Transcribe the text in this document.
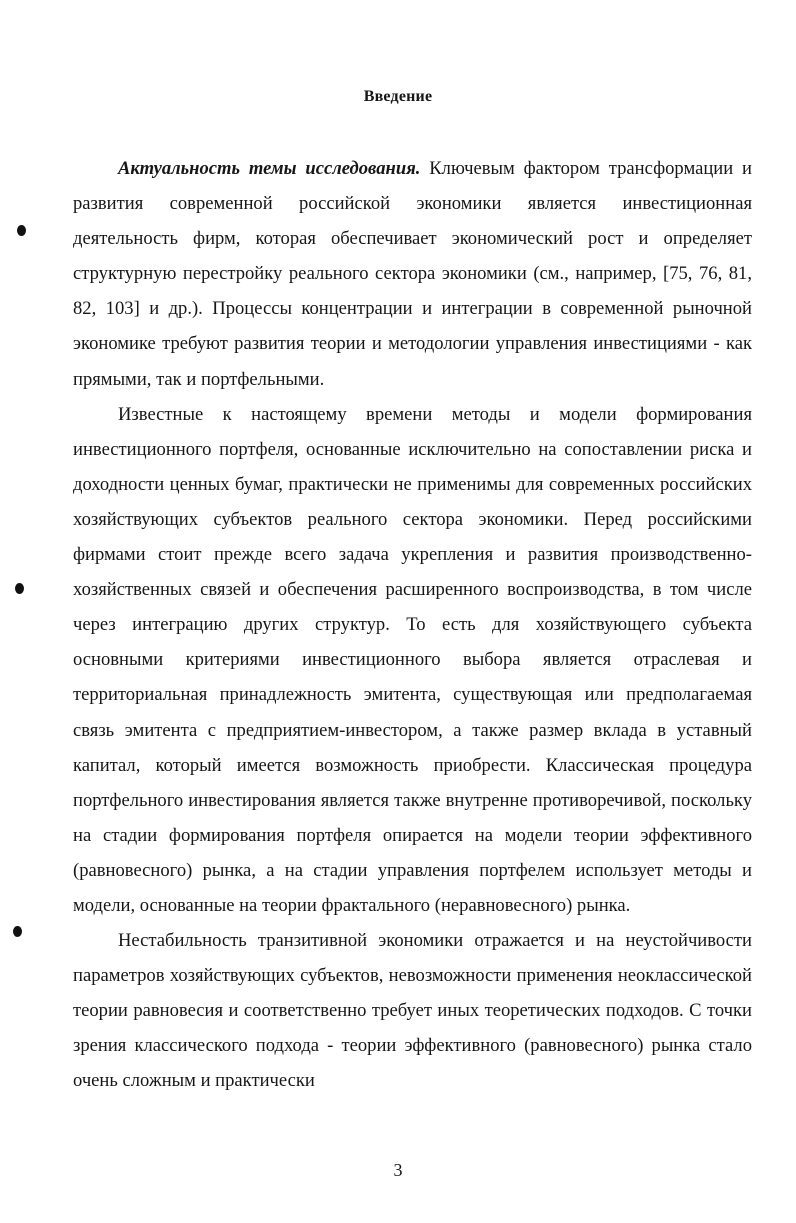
Введение

Актуальность темы исследования. Ключевым фактором трансформации и развития современной российской экономики является инвестиционная деятельность фирм, которая обеспечивает экономический рост и определяет структурную перестройку реального сектора экономики (см., например, [75, 76, 81, 82, 103] и др.). Процессы концентрации и интеграции в современной рыночной экономике требуют развития теории и методологии управления инвестициями - как прямыми, так и портфельными.

Известные к настоящему времени методы и модели формирования инвестиционного портфеля, основанные исключительно на сопоставлении риска и доходности ценных бумаг, практически не применимы для современных российских хозяйствующих субъектов реального сектора экономики. Перед российскими фирмами стоит прежде всего задача укрепления и развития производственно-хозяйственных связей и обеспечения расширенного воспроизводства, в том числе через интеграцию других структур. То есть для хозяйствующего субъекта основными критериями инвестиционного выбора является отраслевая и территориальная принадлежность эмитента, существующая или предполагаемая связь эмитента с предприятием-инвестором, а также размер вклада в уставный капитал, который имеется возможность приобрести. Классическая процедура портфельного инвестирования является также внутренне противоречивой, поскольку на стадии формирования портфеля опирается на модели теории эффективного (равновесного) рынка, а на стадии управления портфелем использует методы и модели, основанные на теории фрактального (неравновесного) рынка.

Нестабильность транзитивной экономики отражается и на неустойчивости параметров хозяйствующих субъектов, невозможности применения неоклассической теории равновесия и соответственно требует иных теоретических подходов. С точки зрения классического подхода - теории эффективного (равновесного) рынка стало очень сложным и практически

3
